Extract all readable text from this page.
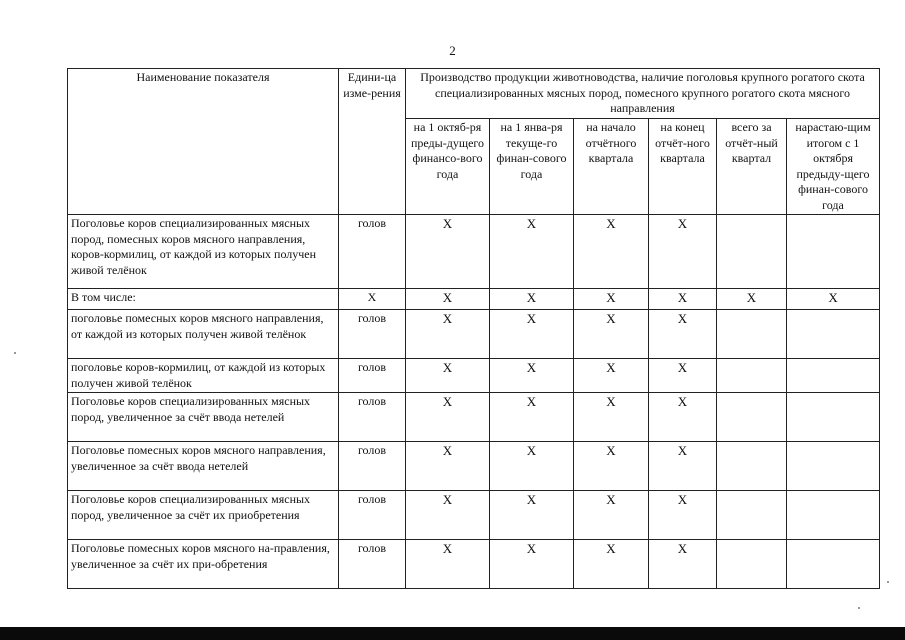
2
Наименование показателя	Едини-ца изме-рения	Производство продукции животноводства, наличие поголовья крупного рогатого скота специализированных мясных пород, помесного крупного рогатого скота мясного направления					
		на 1 октяб-ря преды-дущего финансо-вого года	на 1 янва-ря текуще-го финан-сового года	на начало отчётного квартала	на конец отчёт-ного квартала	всего за отчёт-ный квартал	нарастаю-щим итогом с 1 октября предыду-щего финан-сового года
Поголовье коров специализированных мясных пород, помесных коров мясного направления, коров-кормилиц, от каждой из которых получен живой телёнок	голов	Х	Х	Х	Х		
В том числе:	Х	Х	Х	Х	Х	Х	Х
поголовье помесных коров мясного направления, от каждой из которых получен живой телёнок	голов	Х	Х	Х	Х		
поголовье коров-кормилиц, от каждой из которых получен живой телёнок	голов	Х	Х	Х	Х		
Поголовье коров специализированных мясных пород, увеличенное за счёт ввода нетелей	голов	Х	Х	Х	Х		
Поголовье помесных коров мясного направления, увеличенное за счёт ввода нетелей	голов	Х	Х	Х	Х		
Поголовье коров специализированных мясных пород, увеличенное за счёт их приобретения	голов	Х	Х	Х	Х		
Поголовье помесных коров мясного на-правления, увеличенное за счёт их при-обретения	голов	Х	Х	Х	Х		
